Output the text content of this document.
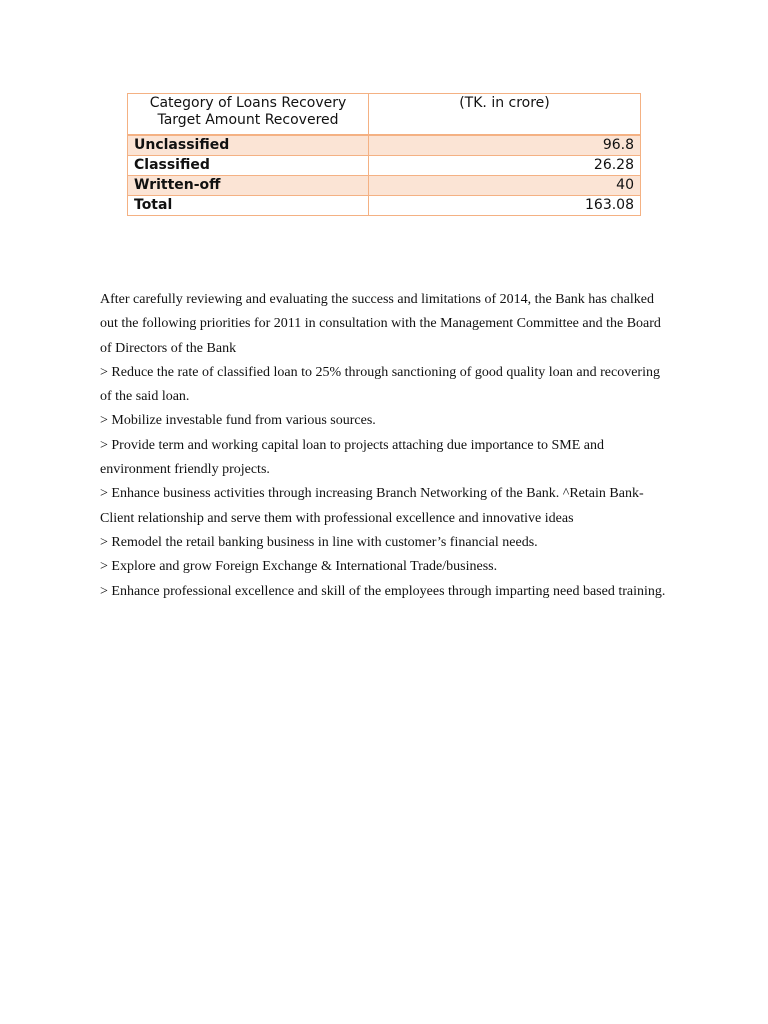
Category of Loans Recovery Target Amount Recovered	(TK. in crore)
Unclassified	96.8
Classified	26.28
Written-off	40
Total	163.08

After carefully reviewing and evaluating the success and limitations of 2014, the Bank has chalked out the following priorities for 2011 in consultation with the Management Committee and the Board of Directors of the Bank

> Reduce the rate of classified loan to 25% through sanctioning of good quality loan and recovering of the said loan.

> Mobilize investable fund from various sources.

> Provide term and working capital loan to projects attaching due importance to SME and environment friendly projects.

> Enhance business activities through increasing Branch Networking of the Bank. ^Retain Bank-Client relationship and serve them with professional excellence and innovative ideas

> Remodel the retail banking business in line with customer’s financial needs.

> Explore and grow Foreign Exchange & International Trade/business.

> Enhance professional excellence and skill of the employees through imparting need based training.
